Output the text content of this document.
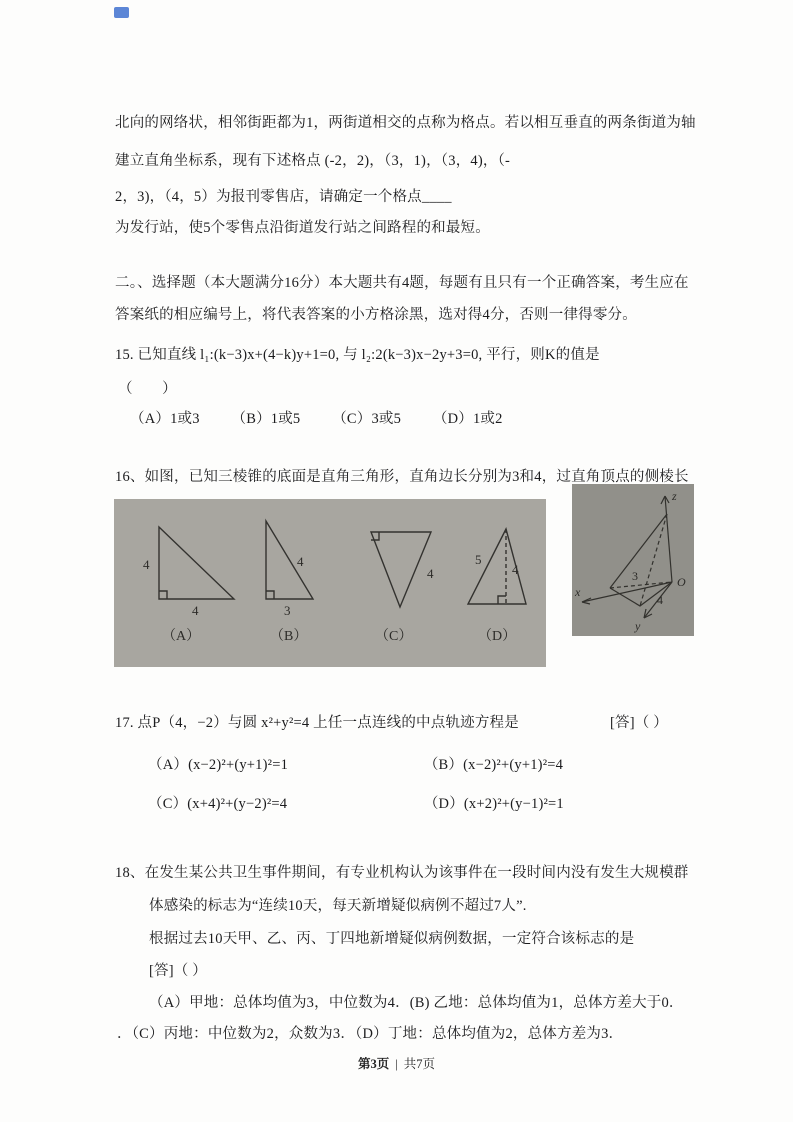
北向的网络状，相邻街距都为1，两街道相交的点称为格点。若以相互垂直的两条街道为轴

建立直角坐标系，现有下述格点 (-2，2)，（3，1)，（3，4)，（-

2，3)，（4，5）为报刊零售店，请确定一个格点____

为发行站，使5个零售点沿街道发行站之间路程的和最短。

二。、选择题（本大题满分16分）本大题共有4题，每题有且只有一个正确答案，考生应在

答案纸的相应编号上，将代表答案的小方格涂黑，选对得4分，否则一律得零分。

15. 已知直线 l₁:(k−3)x+(4−k)y+1=0, 与 l₂:2(k−3)x−2y+3=0, 平行，则K的值是

（　　）

（A）1或3 （B）1或5 （C）3或5 （D）1或2

16、如图，已知三棱锥的底面是直角三角形，直角边长分别为3和4，过直角顶点的侧棱长

4
4
4
3
4
5
4
（A）	（B）	（C）	（D）
z
O
x
y
3
4

17. 点P（4，−2）与圆 x²+y²=4 上任一点连线的中点轨迹方程是	[答]（ ）

（A）(x−2)²+(y+1)²=1	（B）(x−2)²+(y+1)²=4

（C）(x+4)²+(y−2)²=4	（D）(x+2)²+(y−1)²=1

18、在发生某公共卫生事件期间，有专业机构认为该事件在一段时间内没有发生大规模群

体感染的标志为“连续10天，每天新增疑似病例不超过7人”.

根据过去10天甲、乙、丙、丁四地新增疑似病例数据，一定符合该标志的是

[答]（ ）

（A）甲地：总体均值为3，中位数为4．(B) 乙地：总体均值为1，总体方差大于0．

．（C）丙地：中位数为2，众数为3．（D）丁地：总体均值为2，总体方差为3．

第3页 | 共7页
